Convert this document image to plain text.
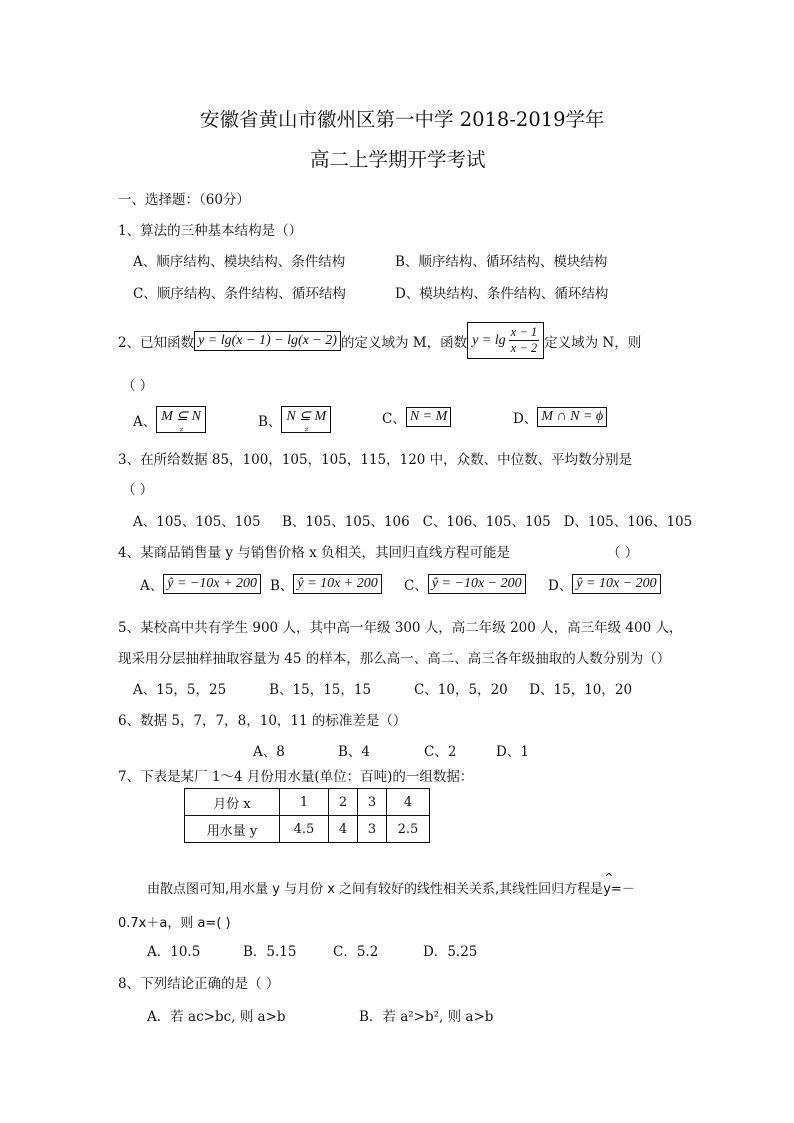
安徽省黄山市徽州区第一中学 2018-2019学年
高二上学期开学考试
一、选择题：（60分）
1、算法的三种基本结构是（）
A、顺序结构、模块结构、条件结构	B、顺序结构、循环结构、模块结构
C、顺序结构、条件结构、循环结构	D、模块结构、条件结构、循环结构
2、已知函数 y = lg(x − 1) − lg(x − 2) 的定义域为 M，函数 $y = \lg \frac{x - 1}{x - 2}$ 定义域为 N，则
（ ）
A、 M ⊆ N
≠	B、 N ⊆ M
≠
C、 N = M	D、 M ∩ N = ϕ
3、在所给数据 85，100，105，105，115，120 中，众数、中位数、平均数分别是
（ ）
A、105、105、105     B、105、105、106   C、106、105、105   D、105、106、105
4、某商品销售量 y 与销售价格 x 负相关，其回归直线方程可能是	（ ）
A、 ŷ = −10x + 200 B、 ŷ = 10x + 200 C、 ŷ = −10x − 200 D、 ŷ = 10x − 200
5、某校高中共有学生 900 人，其中高一年级 300 人，高二年级 200 人，高三年级 400 人，
现采用分层抽样抽取容量为 45 的样本，那么高一、高二、高三各年级抽取的人数分别为（）
A、15，5，25          B、15，15，15          C、10，5，20     D、15，10，20
6、数据 5，7，7，8，10，11 的标准差是（）
A、8	B、4	C、2	D、1
7、下表是某厂 1～4 月份用水量(单位：百吨)的一组数据：
月份 x	1	2	3	4
用水量 y	4.5	4	3	2.5
由散点图可知,用水量 y 与月份 x 之间有较好的线性相关关系,其线性回归方程是
^
y=－
0.7x＋a，则 a=( )
A．10.5	B．5.15	C．5.2	D．5.25
8、下列结论正确的是（ ）
A．若 ac>bc, 则 a>b	B．若 a²>b², 则 a>b
